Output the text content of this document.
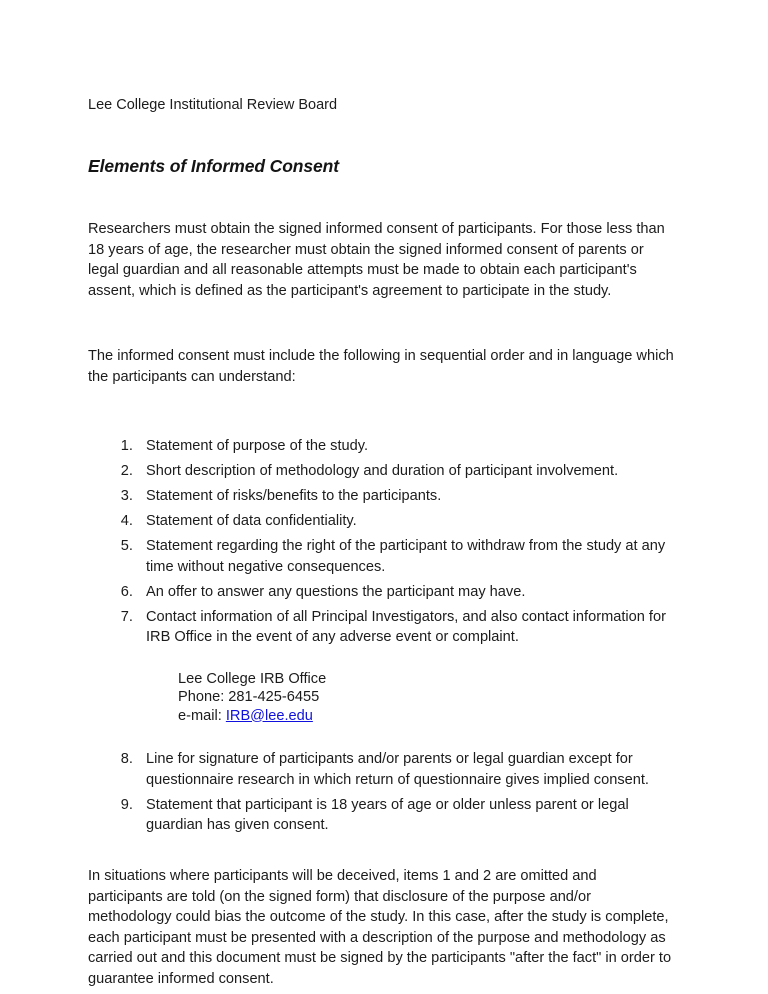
Lee College Institutional Review Board
Elements of Informed Consent

Researchers must obtain the signed informed consent of participants. For those less than 18 years of age, the researcher must obtain the signed informed consent of parents or legal guardian and all reasonable attempts must be made to obtain each participant's assent, which is defined as the participant's agreement to participate in the study.

The informed consent must include the following in sequential order and in language which the participants can understand:

1. Statement of purpose of the study.
2. Short description of methodology and duration of participant involvement.
3. Statement of risks/benefits to the participants.
4. Statement of data confidentiality.
5. Statement regarding the right of the participant to withdraw from the study at any time without negative consequences.
6. An offer to answer any questions the participant may have.
7. Contact information of all Principal Investigators, and also contact information for IRB Office in the event of any adverse event or complaint.
Lee College IRB Office
Phone: 281-425-6455
e-mail: IRB@lee.edu
8. Line for signature of participants and/or parents or legal guardian except for questionnaire research in which return of questionnaire gives implied consent.
9. Statement that participant is 18 years of age or older unless parent or legal guardian has given consent.

In situations where participants will be deceived, items 1 and 2 are omitted and participants are told (on the signed form) that disclosure of the purpose and/or methodology could bias the outcome of the study. In this case, after the study is complete, each participant must be presented with a description of the purpose and methodology as carried out and this document must be signed by the participants "after the fact" in order to guarantee informed consent.
